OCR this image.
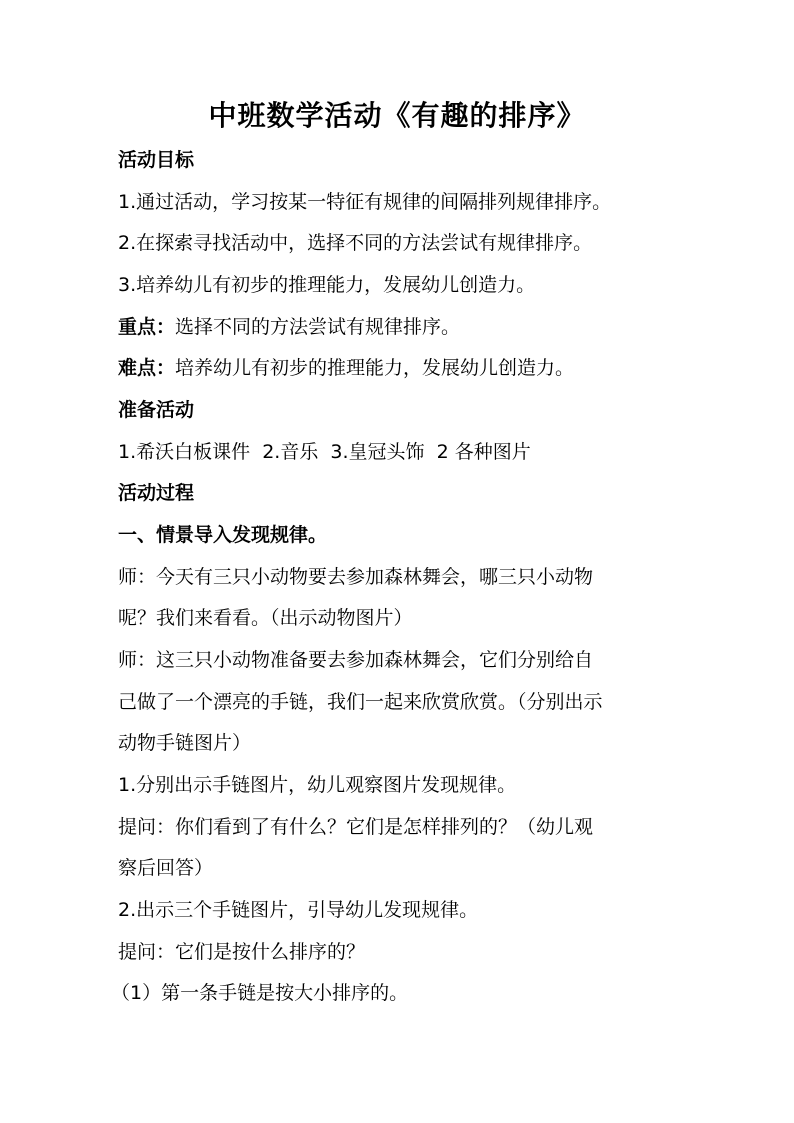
中班数学活动《有趣的排序》
活动目标
1.通过活动，学习按某一特征有规律的间隔排列规律排序。
2.在探索寻找活动中，选择不同的方法尝试有规律排序。
3.培养幼儿有初步的推理能力，发展幼儿创造力。
重点：选择不同的方法尝试有规律排序。
难点：培养幼儿有初步的推理能力，发展幼儿创造力。
准备活动
1.希沃白板课件  2.音乐  3.皇冠头饰  2 各种图片
活动过程
一、情景导入发现规律。
师：今天有三只小动物要去参加森林舞会，哪三只小动物
呢？我们来看看。（出示动物图片）
师：这三只小动物准备要去参加森林舞会，它们分别给自
己做了一个漂亮的手链，我们一起来欣赏欣赏。（分别出示
动物手链图片）
1.分别出示手链图片，幼儿观察图片发现规律。
提问：你们看到了有什么？它们是怎样排列的？（幼儿观
察后回答）
2.出示三个手链图片，引导幼儿发现规律。
提问：它们是按什么排序的？
（1）第一条手链是按大小排序的。
